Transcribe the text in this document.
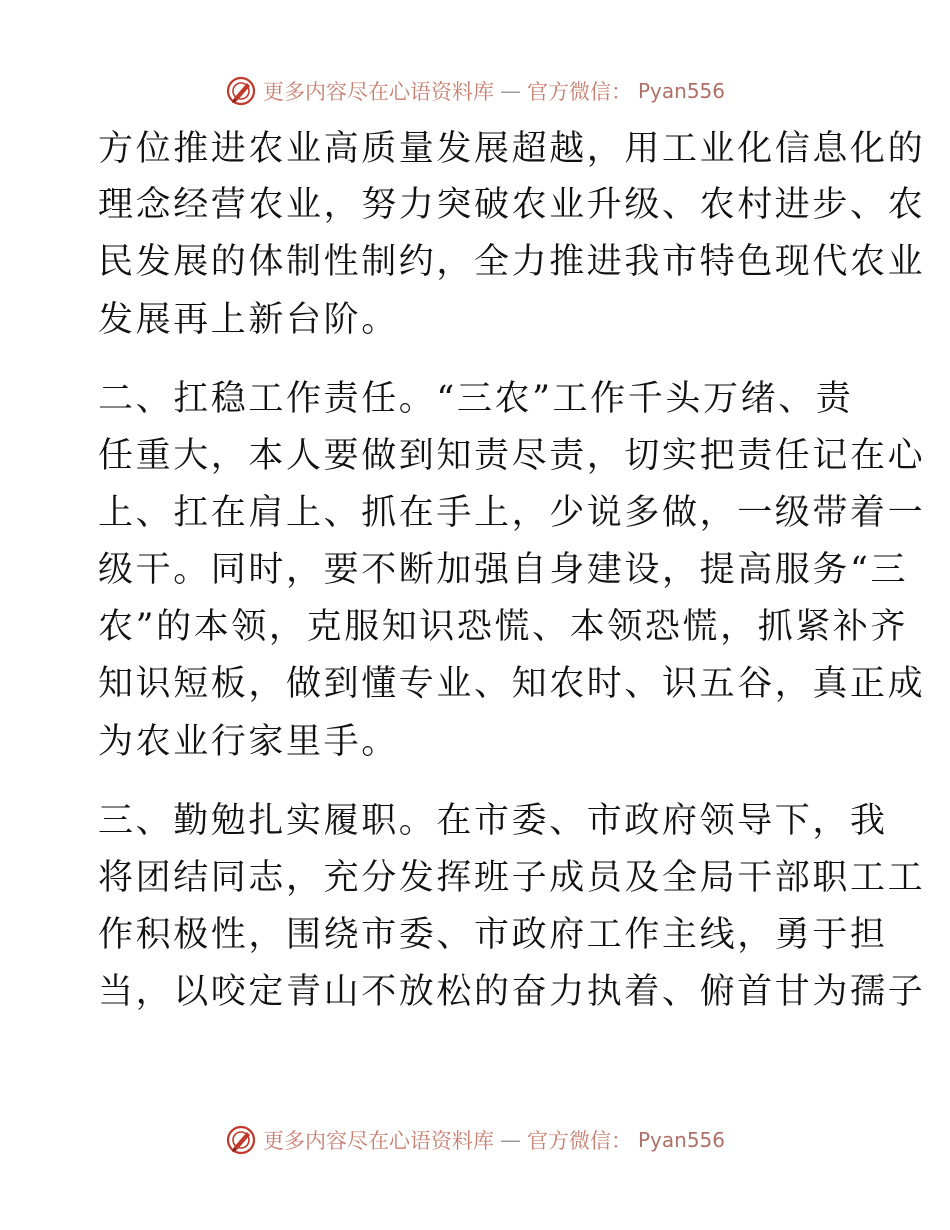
更多内容尽在心语资料库 — 官方微信： Pyan556
方位推进农业高质量发展超越，用工业化信息化的
理念经营农业，努力突破农业升级、农村进步、农
民发展的体制性制约，全力推进我市特色现代农业
发展再上新台阶。
二、扛稳工作责任。“三农”工作千头万绪、责
任重大，本人要做到知责尽责，切实把责任记在心
上、扛在肩上、抓在手上，少说多做，一级带着一
级干。同时，要不断加强自身建设，提高服务“三
农”的本领，克服知识恐慌、本领恐慌，抓紧补齐
知识短板，做到懂专业、知农时、识五谷，真正成
为农业行家里手。
三、勤勉扎实履职。在市委、市政府领导下，我
将团结同志，充分发挥班子成员及全局干部职工工
作积极性，围绕市委、市政府工作主线，勇于担
当，以咬定青山不放松的奋力执着、俯首甘为孺子
更多内容尽在心语资料库 — 官方微信： Pyan556
